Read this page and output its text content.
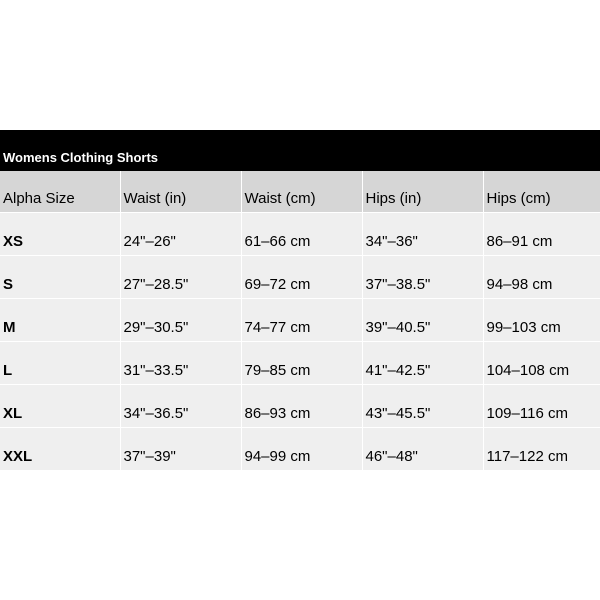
Womens Clothing Shorts
Alpha Size	Waist (in)	Waist (cm)	Hips (in)	Hips (cm)
XS	24"–26"	61–66 cm	34"–36"	86–91 cm
S	27"–28.5"	69–72 cm	37"–38.5"	94–98 cm
M	29"–30.5"	74–77 cm	39"–40.5"	99–103 cm
L	31"–33.5"	79–85 cm	41"–42.5"	104–108 cm
XL	34"–36.5"	86–93 cm	43"–45.5"	109–116 cm
XXL	37"–39"	94–99 cm	46"–48"	117–122 cm
